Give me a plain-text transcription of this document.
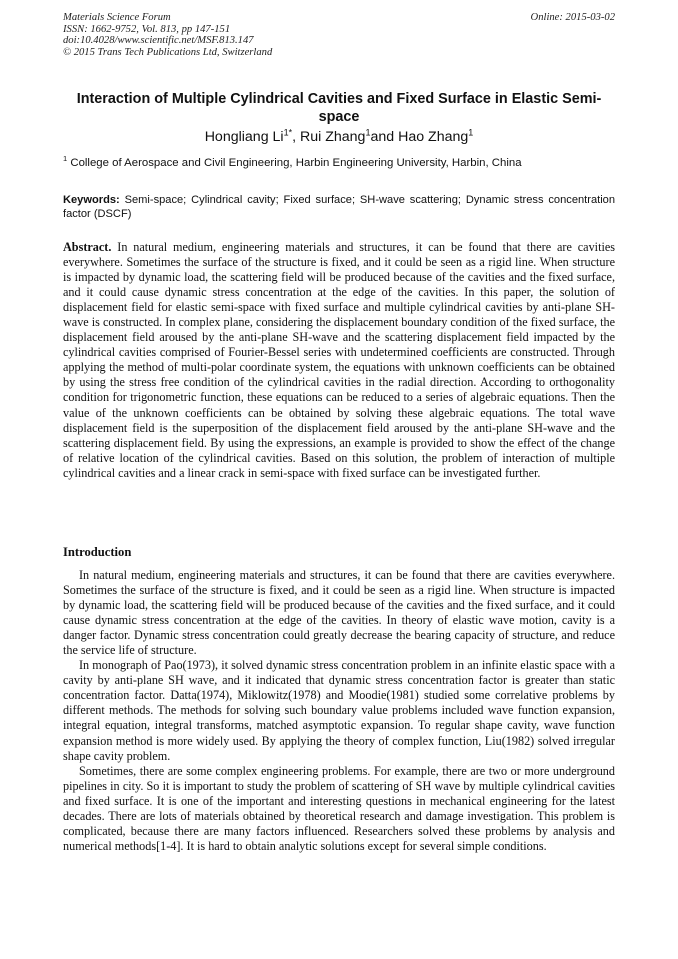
Materials Science Forum
ISSN: 1662-9752, Vol. 813, pp 147-151
doi:10.4028/www.scientific.net/MSF.813.147
© 2015 Trans Tech Publications Ltd, Switzerland
Online: 2015-03-02
Interaction of Multiple Cylindrical Cavities and Fixed Surface in Elastic Semi-space
Hongliang $Li^{1*}$, Rui Zhang$^1$and Hao Zhang$^1$
$^1$ College of Aerospace and Civil Engineering, Harbin Engineering University, Harbin, China
Keywords: Semi-space; Cylindrical cavity; Fixed surface; SH-wave scattering; Dynamic stress concentration factor (DSCF)
Abstract. In natural medium, engineering materials and structures, it can be found that there are cavities everywhere. Sometimes the surface of the structure is fixed, and it could be seen as a rigid line. When structure is impacted by dynamic load, the scattering field will be produced because of the cavities and the fixed surface, and it could cause dynamic stress concentration at the edge of the cavities. In this paper, the solution of displacement field for elastic semi-space with fixed surface and multiple cylindrical cavities by anti-plane SH-wave is constructed. In complex plane, considering the displacement boundary condition of the fixed surface, the displacement field aroused by the anti-plane SH-wave and the scattering displacement field impacted by the cylindrical cavities comprised of Fourier-Bessel series with undetermined coefficients are constructed. Through applying the method of multi-polar coordinate system, the equations with unknown coefficients can be obtained by using the stress free condition of the cylindrical cavities in the radial direction. According to orthogonality condition for trigonometric function, these equations can be reduced to a series of algebraic equations. Then the value of the unknown coefficients can be obtained by solving these algebraic equations. The total wave displacement field is the superposition of the displacement field aroused by the anti-plane SH-wave and the scattering displacement field. By using the expressions, an example is provided to show the effect of the change of relative location of the cylindrical cavities. Based on this solution, the problem of interaction of multiple cylindrical cavities and a linear crack in semi-space with fixed surface can be investigated further.
Introduction

In natural medium, engineering materials and structures, it can be found that there are cavities everywhere. Sometimes the surface of the structure is fixed, and it could be seen as a rigid line. When structure is impacted by dynamic load, the scattering field will be produced because of the cavities and the fixed surface, and it could cause dynamic stress concentration at the edge of the cavities. In theory of elastic wave motion, cavity is a danger factor. Dynamic stress concentration could greatly decrease the bearing capacity of structure, and reduce the service life of structure.

In monograph of Pao(1973), it solved dynamic stress concentration problem in an infinite elastic space with a cavity by anti-plane SH wave, and it indicated that dynamic stress concentration factor is greater than static concentration factor. Datta(1974), Miklowitz(1978) and Moodie(1981) studied some correlative problems by different methods. The methods for solving such boundary value problems included wave function expansion, integral equation, integral transforms, matched asymptotic expansion. To regular shape cavity, wave function expansion method is more widely used. By applying the theory of complex function, Liu(1982) solved irregular shape cavity problem.

Sometimes, there are some complex engineering problems. For example, there are two or more underground pipelines in city. So it is important to study the problem of scattering of SH wave by multiple cylindrical cavities and fixed surface. It is one of the important and interesting questions in mechanical engineering for the latest decades. There are lots of materials obtained by theoretical research and damage investigation. This problem is complicated, because there are many factors influenced. Researchers solved these problems by analysis and numerical methods[1-4]. It is hard to obtain analytic solutions except for several simple conditions.
